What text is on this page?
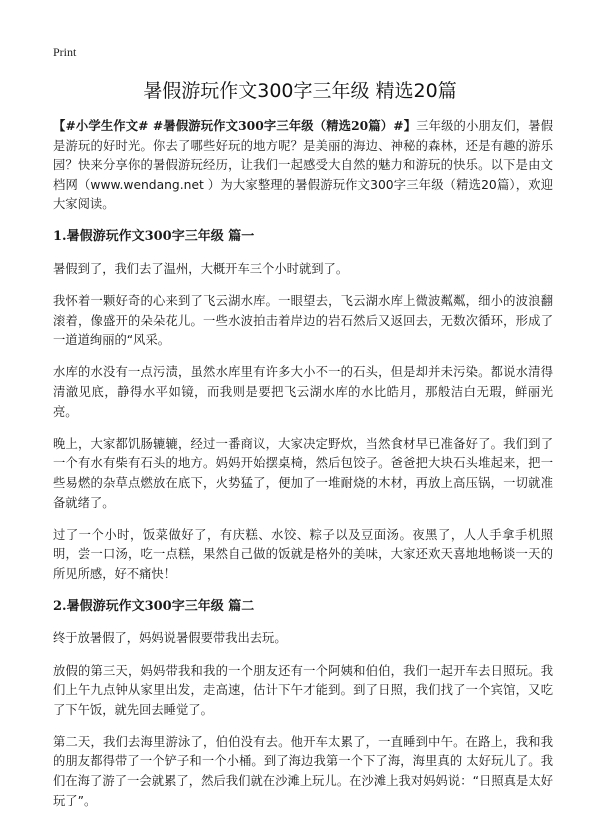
Print
暑假游玩作文300字三年级 精选20篇

【#小学生作文# #暑假游玩作文300字三年级（精选20篇）#】三年级的小朋友们，暑假是游玩的好时光。你去了哪些好玩的地方呢？是美丽的海边、神秘的森林，还是有趣的游乐园？快来分享你的暑假游玩经历，让我们一起感受大自然的魅力和游玩的快乐。以下是由文档网（www.wendang.net ）为大家整理的暑假游玩作文300字三年级（精选20篇），欢迎大家阅读。

1.暑假游玩作文300字三年级 篇一

暑假到了，我们去了温州，大概开车三个小时就到了。

我怀着一颗好奇的心来到了飞云湖水库。一眼望去，飞云湖水库上微波粼粼，细小的波浪翻滚着，像盛开的朵朵花儿。一些水波拍击着岸边的岩石然后又返回去，无数次循环，形成了一道道绚丽的“风采。

水库的水没有一点污渍，虽然水库里有许多大小不一的石头，但是却并未污染。都说水清得清澈见底，静得水平如镜，而我则是要把飞云湖水库的水比皓月，那般洁白无瑕，鲜丽光亮。

晚上，大家都饥肠辘辘，经过一番商议，大家决定野炊，当然食材早已准备好了。我们到了一个有水有柴有石头的地方。妈妈开始摆桌椅，然后包饺子。爸爸把大块石头堆起来，把一些易燃的杂草点燃放在底下，火势猛了，便加了一堆耐烧的木材，再放上高压锅，一切就准备就绪了。

过了一个小时，饭菜做好了，有庆糕、水饺、粽子以及豆面汤。夜黑了，人人手拿手机照明，尝一口汤，吃一点糕，果然自己做的饭就是格外的美味，大家还欢天喜地地畅谈一天的所见所感，好不痛快！

2.暑假游玩作文300字三年级 篇二

终于放暑假了，妈妈说暑假要带我出去玩。

放假的第三天，妈妈带我和我的一个朋友还有一个阿姨和伯伯，我们一起开车去日照玩。我们上午九点钟从家里出发，走高速，估计下午才能到。到了日照，我们找了一个宾馆，又吃了下午饭，就先回去睡觉了。

第二天，我们去海里游泳了，伯伯没有去。他开车太累了，一直睡到中午。在路上，我和我的朋友都得带了一个铲子和一个小桶。到了海边我第一个下了海，海里真的 太好玩儿了。我们在海了游了一会就累了，然后我们就在沙滩上玩儿。在沙滩上我对妈妈说：“日照真是太好玩了”。
